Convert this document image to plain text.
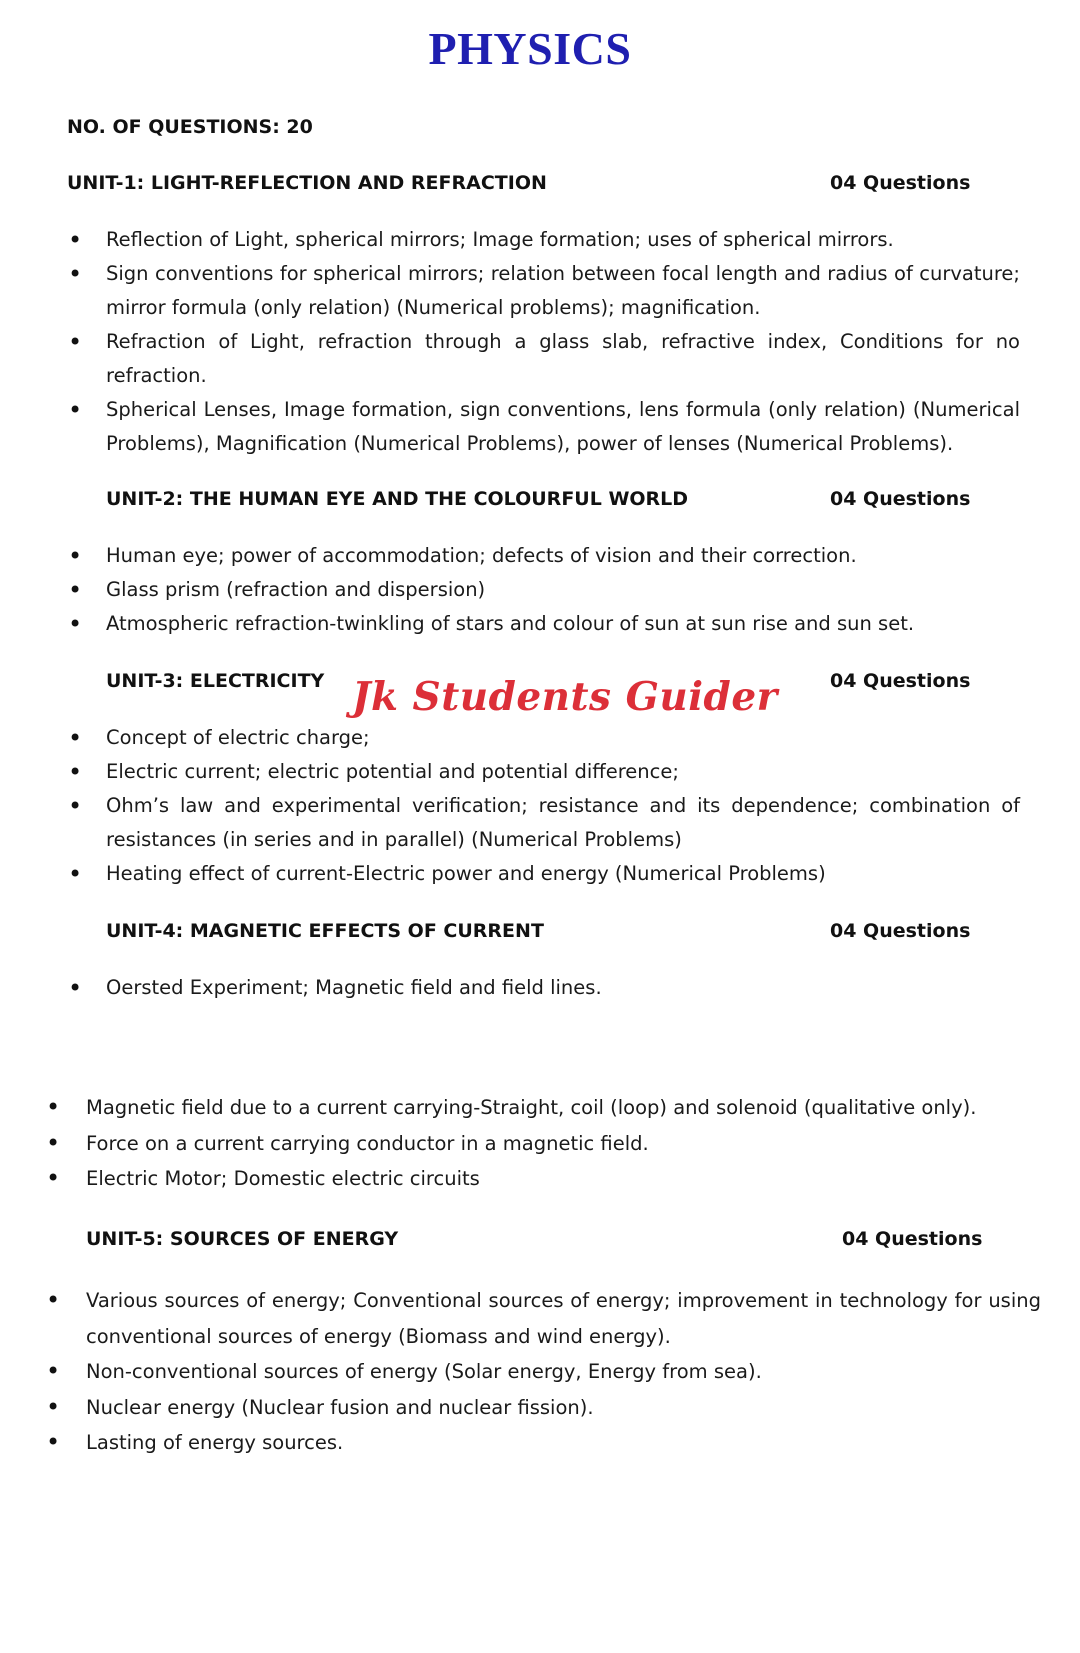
PHYSICS
NO. OF QUESTIONS: 20
UNIT-1: LIGHT-REFLECTION AND REFRACTION	04 Questions
• Reflection of Light, spherical mirrors; Image formation; uses of spherical mirrors.
• Sign conventions for spherical mirrors; relation between focal length and radius of curvature; mirror formula (only relation) (Numerical problems); magnification.
• Refraction of Light, refraction through a glass slab, refractive index, Conditions for no refraction.
• Spherical Lenses, Image formation, sign conventions, lens formula (only relation) (Numerical Problems), Magnification (Numerical Problems), power of lenses (Numerical Problems).
UNIT-2: THE HUMAN EYE AND THE COLOURFUL WORLD	04 Questions
• Human eye; power of accommodation; defects of vision and their correction.
• Glass prism (refraction and dispersion)
• Atmospheric refraction-twinkling of stars and colour of sun at sun rise and sun set.
UNIT-3: ELECTRICITY	04 Questions
• Concept of electric charge;
• Electric current; electric potential and potential difference;
• Ohm’s law and experimental verification; resistance and its dependence; combination of resistances (in series and in parallel) (Numerical Problems)
• Heating effect of current-Electric power and energy (Numerical Problems)
UNIT-4: MAGNETIC EFFECTS OF CURRENT	04 Questions
• Oersted Experiment; Magnetic field and field lines.
• Magnetic field due to a current carrying-Straight, coil (loop) and solenoid (qualitative only).
• Force on a current carrying conductor in a magnetic field.
• Electric Motor; Domestic electric circuits
UNIT-5: SOURCES OF ENERGY	04 Questions
• Various sources of energy; Conventional sources of energy; improvement in technology for using conventional sources of energy (Biomass and wind energy).
• Non-conventional sources of energy (Solar energy, Energy from sea).
• Nuclear energy (Nuclear fusion and nuclear fission).
• Lasting of energy sources.
Jk Students Guider
